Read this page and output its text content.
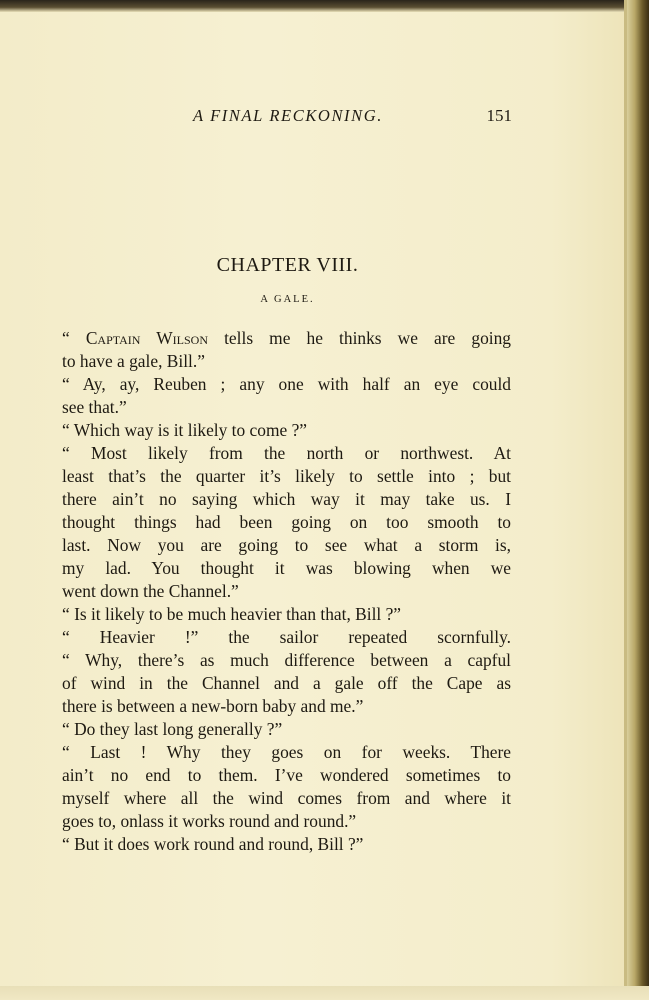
A FINAL RECKONING.	151
CHAPTER VIII.
A GALE.
“ Captain Wilson tells me he thinks we are going
to have a gale, Bill.”
“ Ay, ay, Reuben ; any one with half an eye could
see that.”
“ Which way is it likely to come ?”
“ Most likely from the north or northwest. At
least that’s the quarter it’s likely to settle into ; but
there ain’t no saying which way it may take us. I
thought things had been going on too smooth to
last. Now you are going to see what a storm is,
my lad. You thought it was blowing when we
went down the Channel.”
“ Is it likely to be much heavier than that, Bill ?”
“ Heavier !” the sailor repeated scornfully.
“ Why, there’s as much difference between a capful
of wind in the Channel and a gale off the Cape as
there is between a new-born baby and me.”
“ Do they last long generally ?”
“ Last ! Why they goes on for weeks. There
ain’t no end to them. I’ve wondered sometimes to
myself where all the wind comes from and where it
goes to, onlass it works round and round.”
“ But it does work round and round, Bill ?”
